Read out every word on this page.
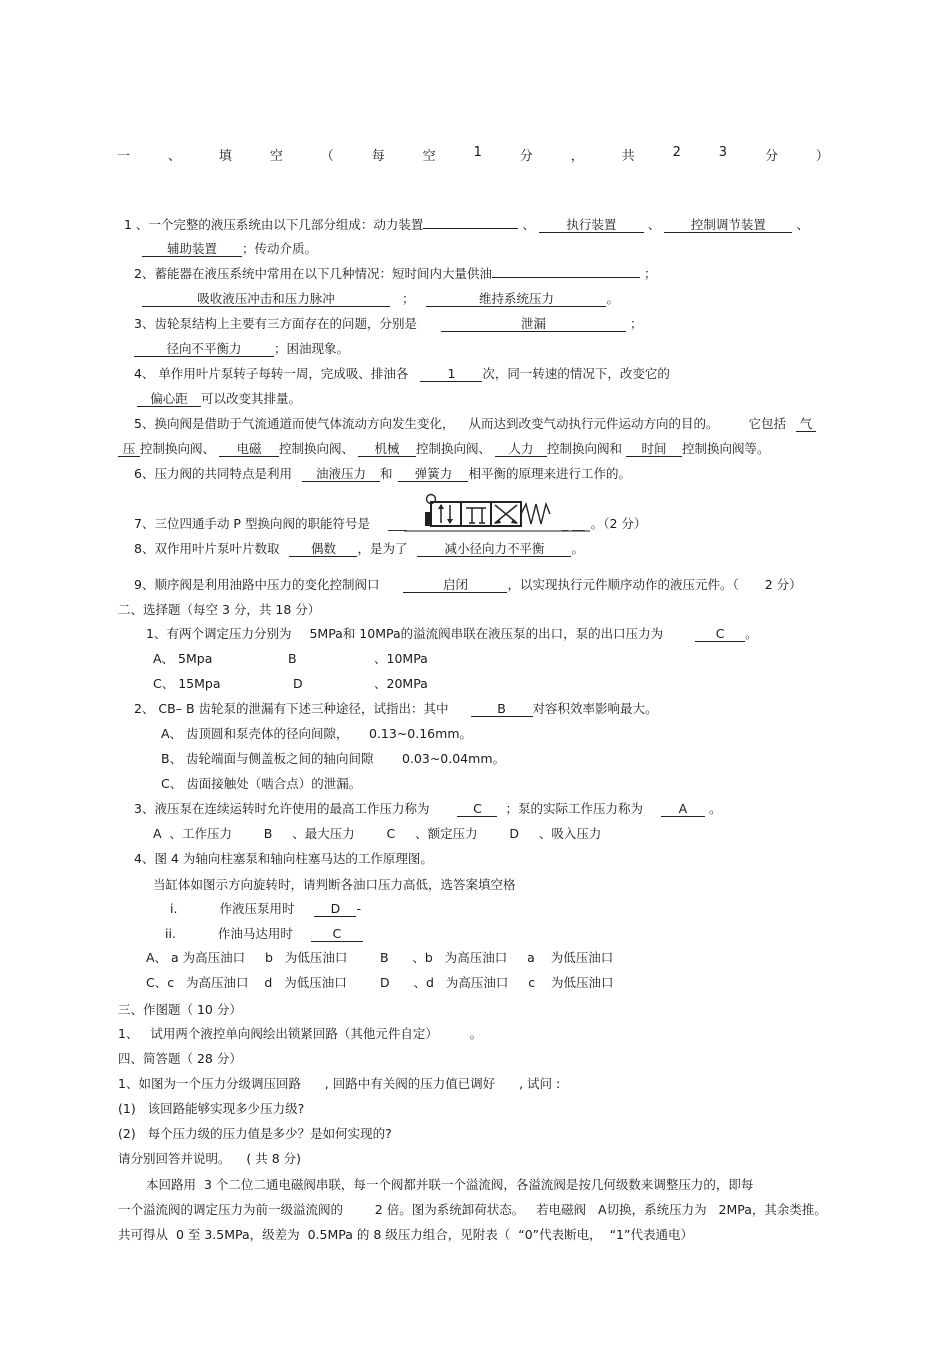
一	、	填	空	（	每	空	1	分	，	共	2	3	分	）
1 、一个完整的液压系统由以下几部分组成：动力装置	、	执行装置	、 控制调节装置 、
辅助装置 ；传动介质。
2、蓄能器在液压系统中常用在以下几种情况：短时间内大量供油	；
吸收液压冲击和压力脉冲	；	维持系统压力	。
3、齿轮泵结构上主要有三方面存在的问题，分别是	泄漏	；
径向不平衡力	；困油现象。
4、 单作用叶片泵转子每转一周，完成吸、排油各	1 次，同一转速的情况下，改变它的
偏心距 可以改变其排量。
5、换向阀是借助于气流通道而使气体流动方向发生变化， 从而达到改变气动执行元件运动方向的目的。 它包括 气
压 控制换向阀、 电磁 控制换向阀、 机械 控制换向阀、 人力 控制换向阀和 时间 控制换向阀等。
6、压力阀的共同特点是利用 油液压力 和 弹簧力 相平衡的原理来进行工作的。
7、三位四通手动 P 型换向阀的职能符号是 ___	_ __ 。（2 分）
8、双作用叶片泵叶片数取	偶数 ，是为了	减小径向力不平衡 。
9、顺序阀是利用油路中压力的变化控制阀口	启闭	，以实现执行元件顺序动作的液压元件。（ 2 分）
二、选择题（每空 3 分，共 18 分）
1、有两个调定压力分别为 5MPa和 10MPa的溢流阀串联在液压泵的出口，泵的出口压力为	C 。
A、 5Mpa	B	、10MPa
C、 15Mpa	D	、20MPa
2、 CB– B 齿轮泵的泄漏有下述三种途径，试指出：其中	B 对容积效率影响最大。
A、 齿顶圆和泵壳体的径向间隙， 0.13~0.16mm。
B、 齿轮端面与侧盖板之间的轴向间隙 0.03~0.04mm。
C、 齿面接触处（啮合点）的泄漏。
3、液压泵在连续运转时允许使用的最高工作压力称为	C ；泵的实际工作压力称为	A 。
A  、工作压力        B     、最大压力        C     、额定压力        D     、吸入压力
4、图 4 为轴向柱塞泵和轴向柱塞马达的工作原理图。
当缸体如图示方向旋转时，请判断各油口压力高低，选答案填空格
i.	作液压泵用时	D -
ii.	作油马达用时	C
A、 a 为高压油口     b   为低压油口	B      、b   为高压油口     a    为低压油口
C、c   为高压油口    d   为低压油口	D      、d   为高压油口     c    为低压油口
三、作图题（ 10 分）
1、   试用两个液控单向阀绘出锁紧回路（其他元件自定）        。
四、简答题（ 28 分）
1、如图为一个压力分级调压回路      , 回路中有关阀的压力值已调好      , 试问 :
(1)   该回路能够实现多少压力级?
(2)   每个压力级的压力值是多少？是如何实现的?
请分别回答并说明。    ( 共 8 分)
本回路用  3 个二位二通电磁阀串联，每一个阀都并联一个溢流阀，各溢流阀是按几何级数来调整压力的，即每
一个溢流阀的调定压力为前一级溢流阀的        2 倍。图为系统卸荷状态。   若电磁阀   A切换，系统压力为   2MPa，其余类推。
共可得从  0 至 3.5MPa，级差为  0.5MPa 的 8 级压力组合，见附表（  “0”代表断电，  “1”代表通电）
